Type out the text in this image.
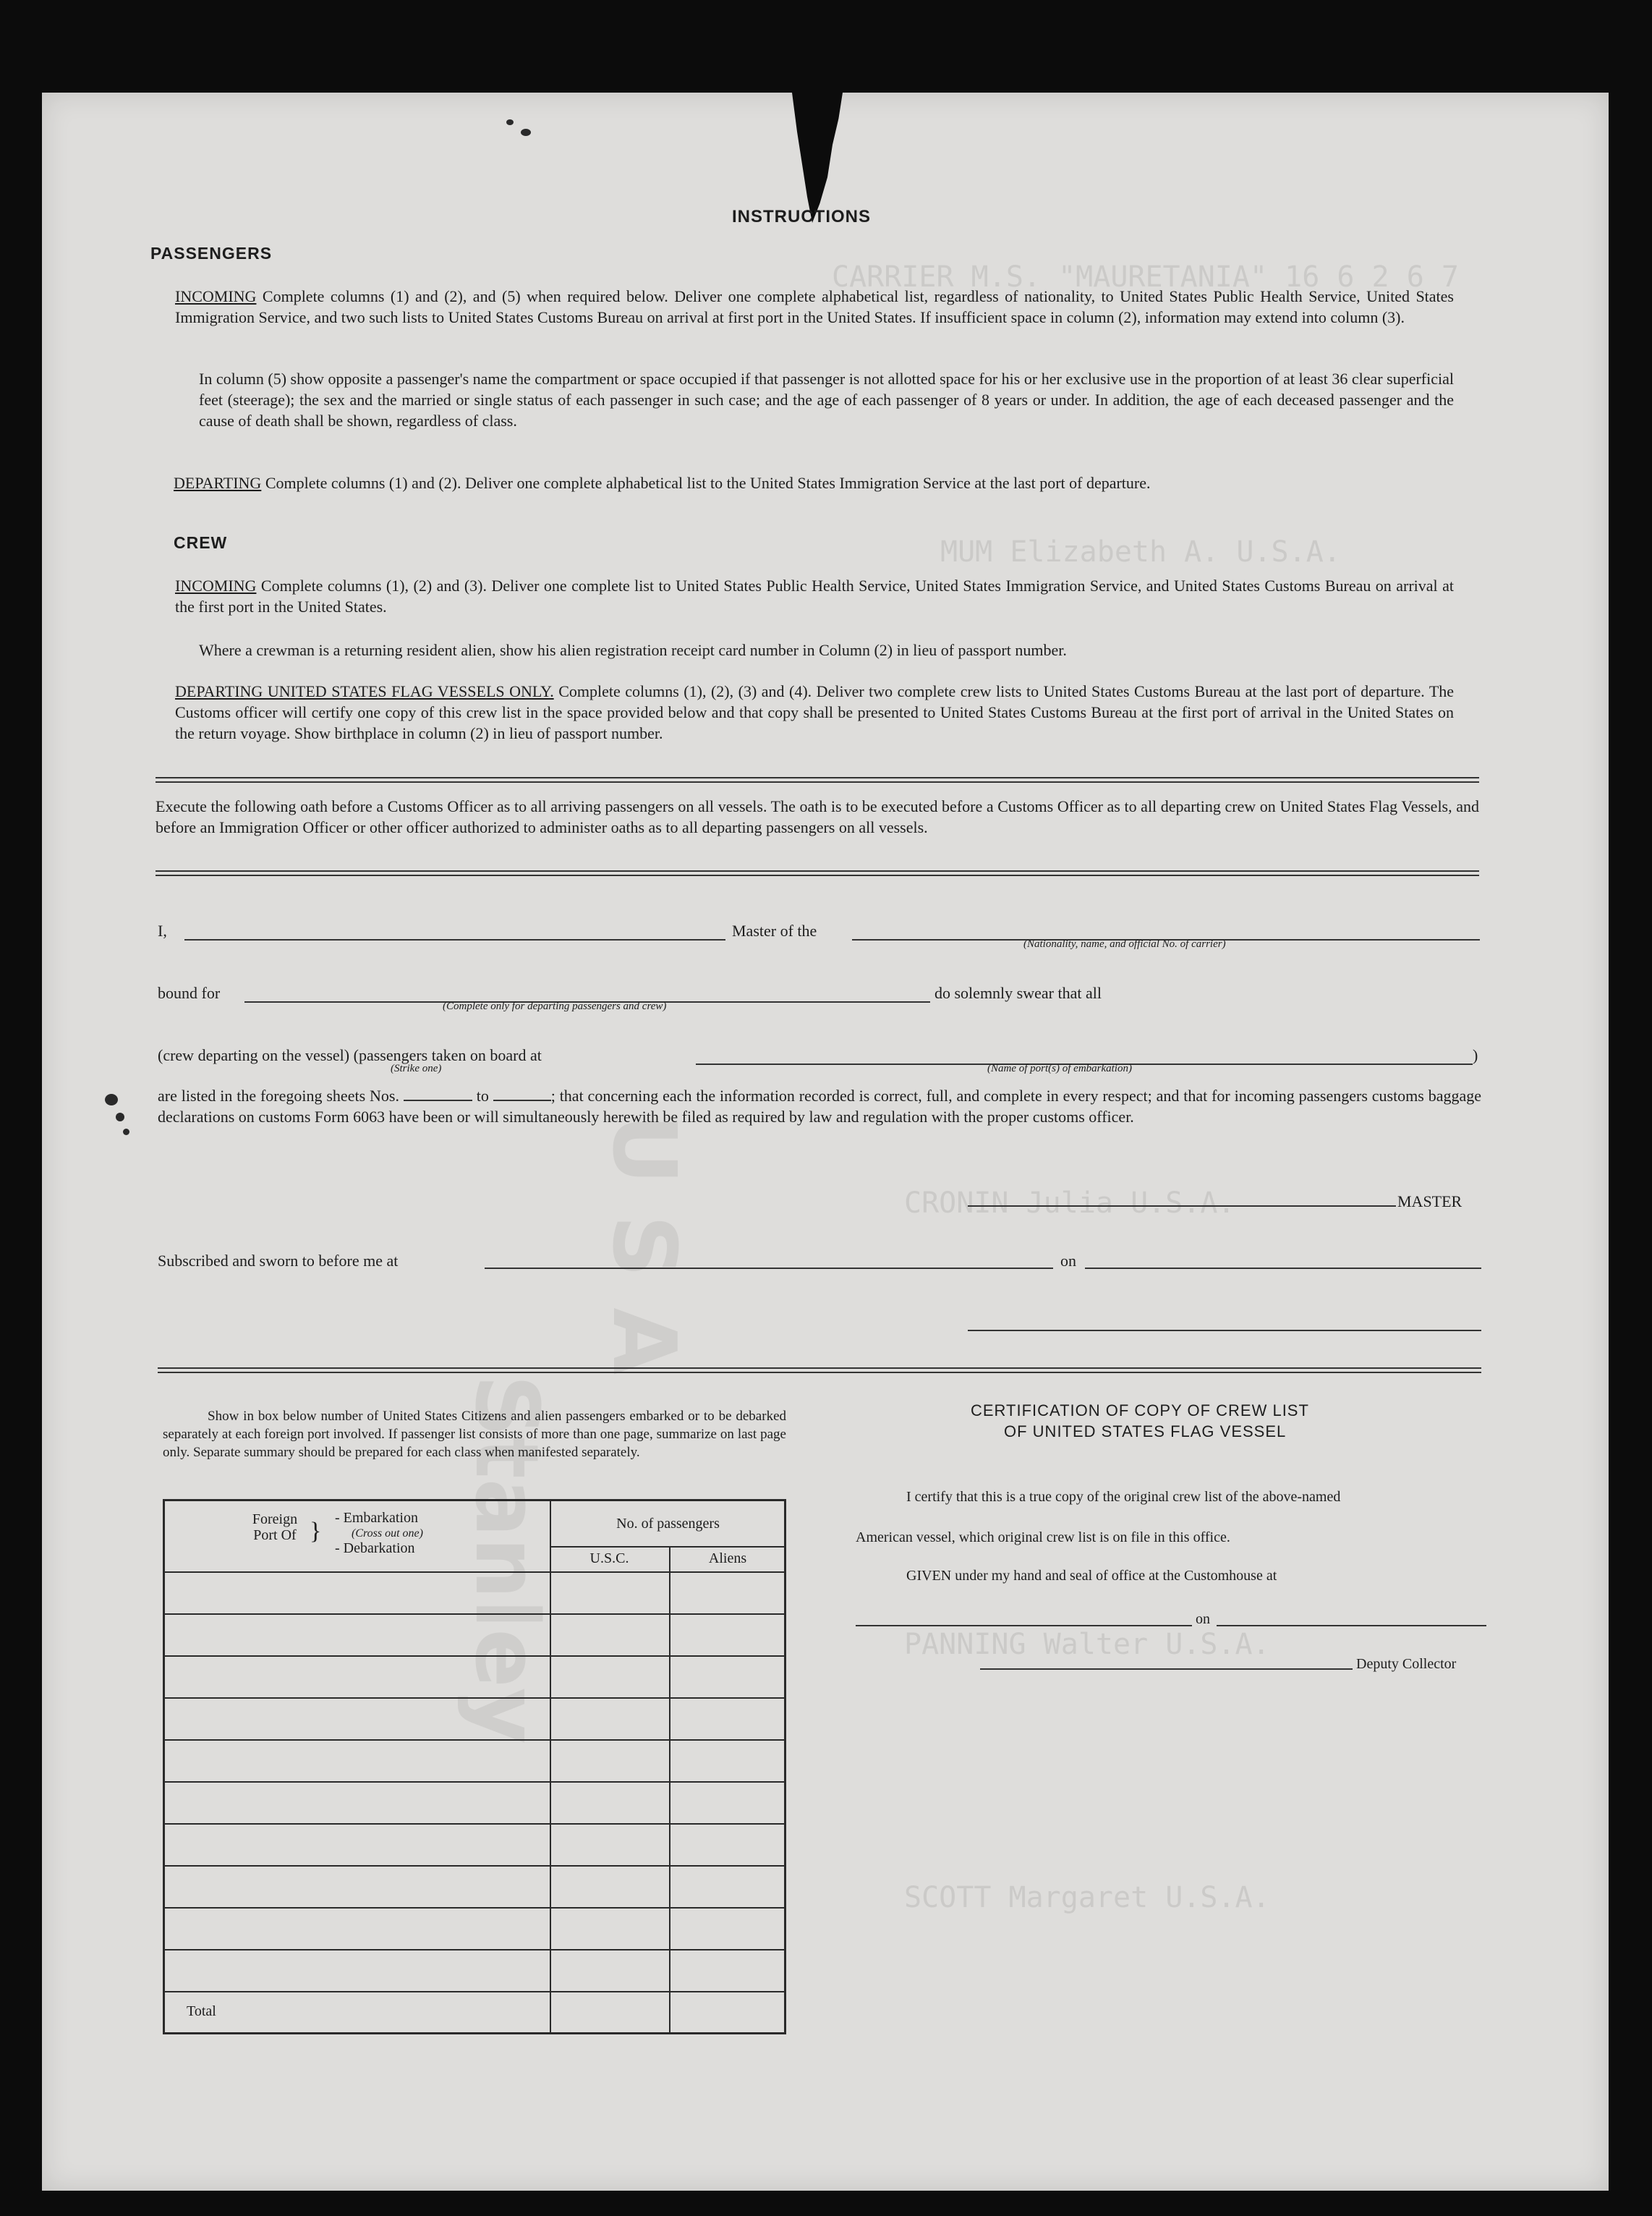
U S A
Stanley
INSTRUCTIONS
PASSENGERS
INCOMING Complete columns (1) and (2), and (5) when required below. Deliver one complete alphabetical list, regardless of nationality, to United States Public Health Service, United States Immigration Service, and two such lists to United States Customs Bureau on arrival at first port in the United States. If insufficient space in column (2), information may extend into column (3).
In column (5) show opposite a passenger's name the compartment or space occupied if that passenger is not allotted space for his or her exclusive use in the proportion of at least 36 clear superficial feet (steerage); the sex and the married or single status of each passenger in such case; and the age of each passenger of 8 years or under. In addition, the age of each deceased passenger and the cause of death shall be shown, regardless of class.
DEPARTING Complete columns (1) and (2). Deliver one complete alphabetical list to the United States Immigration Service at the last port of departure.
CREW
INCOMING Complete columns (1), (2) and (3). Deliver one complete list to United States Public Health Service, United States Immigration Service, and United States Customs Bureau on arrival at the first port in the United States.
Where a crewman is a returning resident alien, show his alien registration receipt card number in Column (2) in lieu of passport number.
DEPARTING UNITED STATES FLAG VESSELS ONLY. Complete columns (1), (2), (3) and (4). Deliver two complete crew lists to United States Customs Bureau at the last port of departure. The Customs officer will certify one copy of this crew list in the space provided below and that copy shall be presented to United States Customs Bureau at the first port of arrival in the United States on the return voyage. Show birthplace in column (2) in lieu of passport number.
Execute the following oath before a Customs Officer as to all arriving passengers on all vessels. The oath is to be executed before a Customs Officer as to all departing crew on United States Flag Vessels, and before an Immigration Officer or other officer authorized to administer oaths as to all departing passengers on all vessels.
I,	Master of the
(Nationality, name, and official No. of carrier)
bound for
(Complete only for departing passengers and crew)
do solemnly swear that all
(crew departing on the vessel) (passengers taken on board at
(Strike one)	(Name of port(s) of embarkation)
)
are listed in the foregoing sheets Nos.	to	; that concerning each the information recorded is correct, full, and complete in every respect; and that for incoming passengers customs baggage declarations on customs Form 6063 have been or will simultaneously herewith be filed as required by law and regulation with the proper customs officer.
MASTER
Subscribed and sworn to before me at	on
Show in box below number of United States Citizens and alien passengers embarked or to be debarked separately at each foreign port involved. If passenger list consists of more than one page, summarize on last page only. Separate summary should be prepared for each class when manifested separately.
Foreign Port Of } - Embarkation
(Cross out one)
- Debarkation
No. of passengers
U.S.C.	Aliens
Total
CERTIFICATION OF COPY OF CREW LIST
OF UNITED STATES FLAG VESSEL
I certify that this is a true copy of the original crew list of the above-named
American vessel, which original crew list is on file in this office.
GIVEN under my hand and seal of office at the Customhouse at
on
Deputy Collector
